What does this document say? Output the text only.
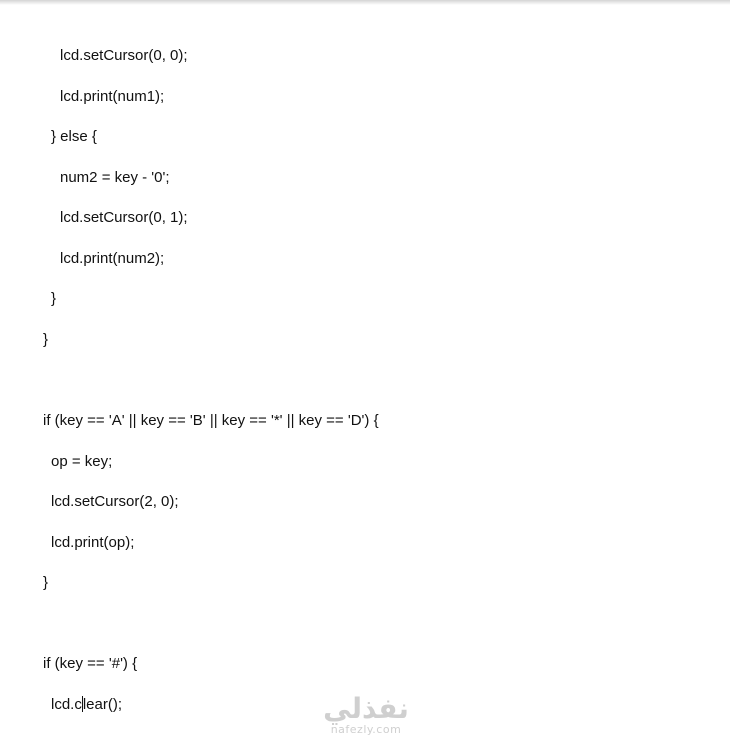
lcd.setCursor(0, 0);
lcd.print(num1);
} else {
num2 = key - '0';
lcd.setCursor(0, 1);
lcd.print(num2);
}
}
if (key == 'A' || key == 'B' || key == '*' || key == 'D') {
op = key;
lcd.setCursor(2, 0);
lcd.print(op);
}
if (key == '#') {
lcd.clear();	نفذلي
nafezly.com
